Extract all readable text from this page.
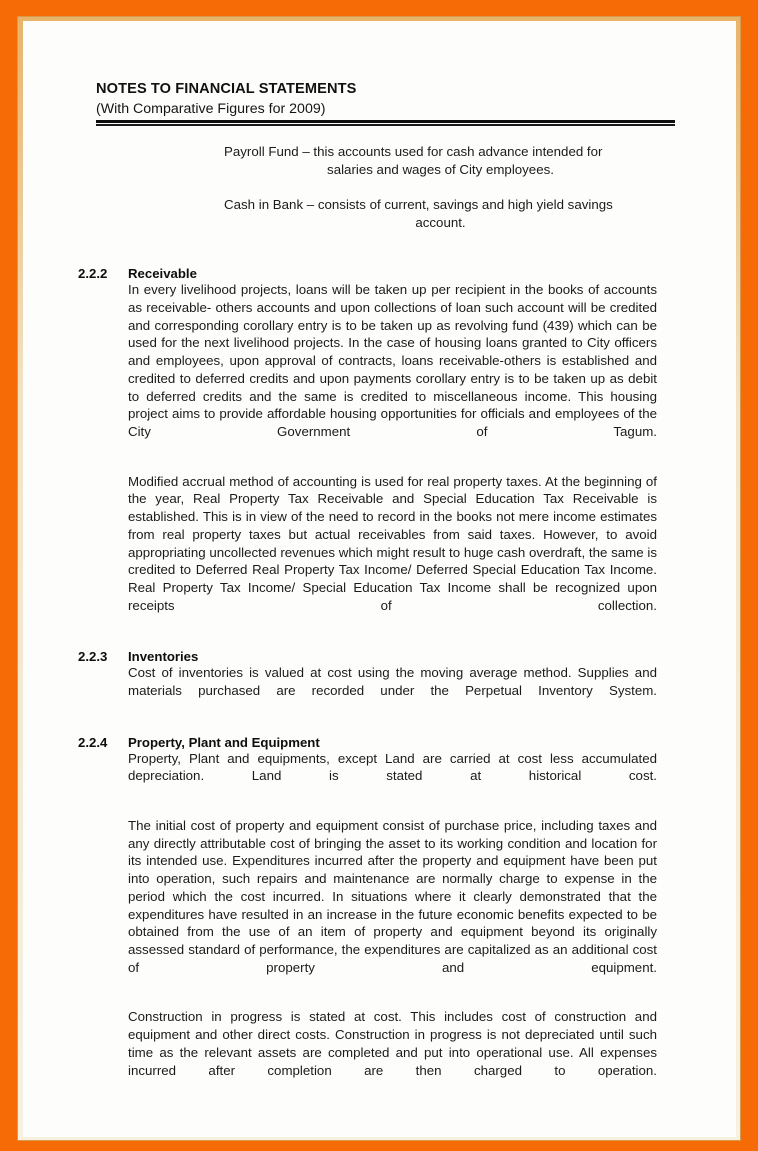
NOTES TO FINANCIAL STATEMENTS
(With Comparative Figures for 2009)
Payroll Fund – this accounts used for cash advance intended for
salaries and wages of City employees.
Cash in Bank – consists of current, savings and high yield savings
account.
2.2.2	Receivable

In every livelihood projects, loans will be taken up per recipient in the books of accounts as receivable- others accounts and upon collections of loan such account will be credited and corresponding corollary entry is to be taken up as revolving fund (439) which can be used for the next livelihood projects. In the case of housing loans granted to City officers and employees, upon approval of contracts, loans receivable-others is established and credited to deferred credits and upon payments corollary entry is to be taken up as debit to deferred credits and the same is credited to miscellaneous income. This housing project aims to provide affordable housing opportunities for officials and employees of the City Government of Tagum.

Modified accrual method of accounting is used for real property taxes. At the beginning of the year, Real Property Tax Receivable and Special Education Tax Receivable is established. This is in view of the need to record in the books not mere income estimates from real property taxes but actual receivables from said taxes. However, to avoid appropriating uncollected revenues which might result to huge cash overdraft, the same is credited to Deferred Real Property Tax Income/ Deferred Special Education Tax Income. Real Property Tax Income/ Special Education Tax Income shall be recognized upon receipts of collection.

2.2.3	Inventories

Cost of inventories is valued at cost using the moving average method. Supplies and materials purchased are recorded under the Perpetual Inventory System.

2.2.4	Property, Plant and Equipment

Property, Plant and equipments, except Land are carried at cost less accumulated depreciation. Land is stated at historical cost.

The initial cost of property and equipment consist of purchase price, including taxes and any directly attributable cost of bringing the asset to its working condition and location for its intended use. Expenditures incurred after the property and equipment have been put into operation, such repairs and maintenance are normally charge to expense in the period which the cost incurred. In situations where it clearly demonstrated that the expenditures have resulted in an increase in the future economic benefits expected to be obtained from the use of an item of property and equipment beyond its originally assessed standard of performance, the expenditures are capitalized as an additional cost of property and equipment.

Construction in progress is stated at cost. This includes cost of construction and equipment and other direct costs. Construction in progress is not depreciated until such time as the relevant assets are completed and put into operational use. All expenses incurred after completion are then charged to operation.
